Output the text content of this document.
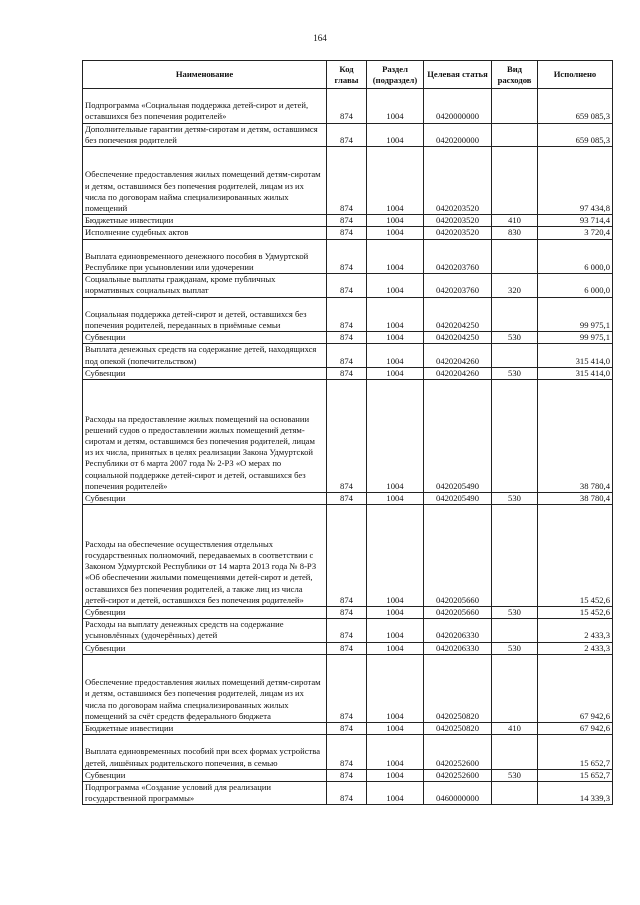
164
Наименование	Код главы	Раздел (подраздел)	Целевая статья	Вид расходов	Исполнено
Подпрограмма «Социальная поддержка детей-сирот и детей, оставшихся без попечения родителей»	874	1004	0420000000		659 085,3
Дополнительные гарантии детям-сиротам и детям, оставшимся без попечения родителей	874	1004	0420200000		659 085,3
Обеспечение предоставления жилых помещений детям-сиротам и детям, оставшимся без попечения родителей, лицам из их числа по договорам найма специализированных жилых помещений	874	1004	0420203520		97 434,8
Бюджетные инвестиции	874	1004	0420203520	410	93 714,4
Исполнение судебных актов	874	1004	0420203520	830	3 720,4
Выплата единовременного денежного пособия в Удмуртской Республике при усыновлении или удочерении	874	1004	0420203760		6 000,0
Социальные выплаты гражданам, кроме публичных нормативных социальных выплат	874	1004	0420203760	320	6 000,0
Социальная поддержка детей-сирот и детей, оставшихся без попечения родителей, переданных в приёмные семьи	874	1004	0420204250		99 975,1
Субвенции	874	1004	0420204250	530	99 975,1
Выплата денежных средств на содержание детей, находящихся под опекой (попечительством)	874	1004	0420204260		315 414,0
Субвенции	874	1004	0420204260	530	315 414,0
Расходы на предоставление жилых помещений на основании решений судов о предоставлении жилых помещений детям-сиротам и детям, оставшимся без попечения родителей, лицам из их числа, принятых в целях реализации Закона Удмуртской Республики от 6 марта 2007 года № 2-РЗ «О мерах по социальной поддержке детей-сирот и детей, оставшихся без попечения родителей»	874	1004	0420205490		38 780,4
Субвенции	874	1004	0420205490	530	38 780,4
Расходы на обеспечение осуществления отдельных государственных полномочий, передаваемых в соответствии с Законом Удмуртской Республики от 14 марта 2013 года № 8-РЗ «Об обеспечении жилыми помещениями детей-сирот и детей, оставшихся без попечения родителей, а также лиц из числа детей-сирот и детей, оставшихся без попечения родителей»	874	1004	0420205660		15 452,6
Субвенции	874	1004	0420205660	530	15 452,6
Расходы на выплату денежных средств на содержание усыновлённых (удочерённых) детей	874	1004	0420206330		2 433,3
Субвенции	874	1004	0420206330	530	2 433,3
Обеспечение предоставления жилых помещений детям-сиротам и детям, оставшимся без попечения родителей, лицам из их числа по договорам найма специализированных жилых помещений за счёт средств федерального бюджета	874	1004	0420250820		67 942,6
Бюджетные инвестиции	874	1004	0420250820	410	67 942,6
Выплата единовременных пособий при всех формах устройства детей, лишённых родительского попечения, в семью	874	1004	0420252600		15 652,7
Субвенции	874	1004	0420252600	530	15 652,7
Подпрограмма «Создание условий для реализации государственной программы»	874	1004	0460000000		14 339,3
